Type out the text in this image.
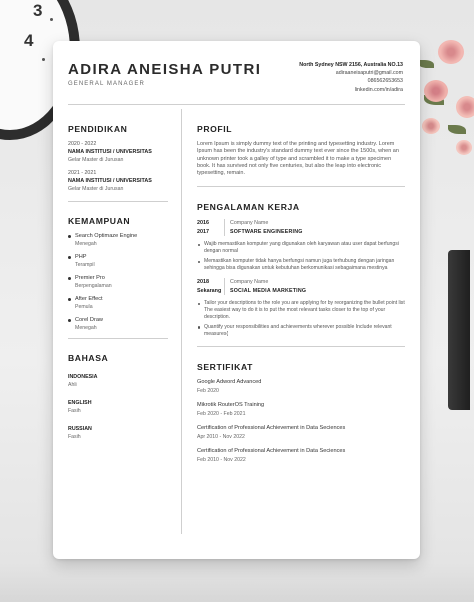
3
4
ADIRA ANEISHA PUTRI
GENERAL MANAGER
North Sydney NSW 2156, Australia NO.13
adiraaneisaputri@gmail.com
086562653653
linkedin.com/in/adira
PENDIDIKAN
2020 - 2022
NAMA INSTITUSI / UNIVERSITAS
Gelar Master di Jurusan
2021 - 2021
NAMA INSTITUSI / UNIVERSITAS
Gelar Master di Jurusan
KEMAMPUAN
Search Optimaze Engine
Menegah
PHP
Terampil
Premier Pro
Berpengalaman
After Effect
Pemula
Corel Draw
Menegah
BAHASA
INDONESIA
Ahli
ENGLISH
Fasih
RUSSIAN
Fasih
PROFIL
Lorem Ipsum is simply dummy text of the printing and typesetting industry. Lorem Ipsum has been the industry's standard dummy text ever since the 1500s, when an unknown printer took a galley of type and scrambled it to make a type specimen book. It has survived not only five centuries, but also the leap into electronic typesetting, remain.
PENGALAMAN KERJA
2016
2017
Company Name
SOFTWARE ENGINEERING
Wajib memastikan komputer yang digunakan oleh karyawan atau user dapat berfungsi dengan normal
Memastikan komputer tidak hanya berfungsi namun juga terhubung dengan jaringan sehingga bisa digunakan untuk kebutuhan berkomunikasi sebagaimana mestinya
2018
Sekarang
Company Name
SOCIAL MEDIA MARKETING
Tailor your descriptions to the role you are applying for by reorganizing the bullet point list The easiest way to do it is to put the most relevant tasks closer to the top of your description.
Quantify your responsibilities and achievements wherever possible Include relevant measures{
SERTIFIKAT
Google Adword Advanced
Feb 2020
Mikrotik RouterOS Training
Feb 2020 - Feb 2021
Certification of Professional Achievement in Data Seciences
Apr 2010 - Nov 2022
Certification of Professional Achievement in Data Seciences
Feb 2010 - Nov 2022
